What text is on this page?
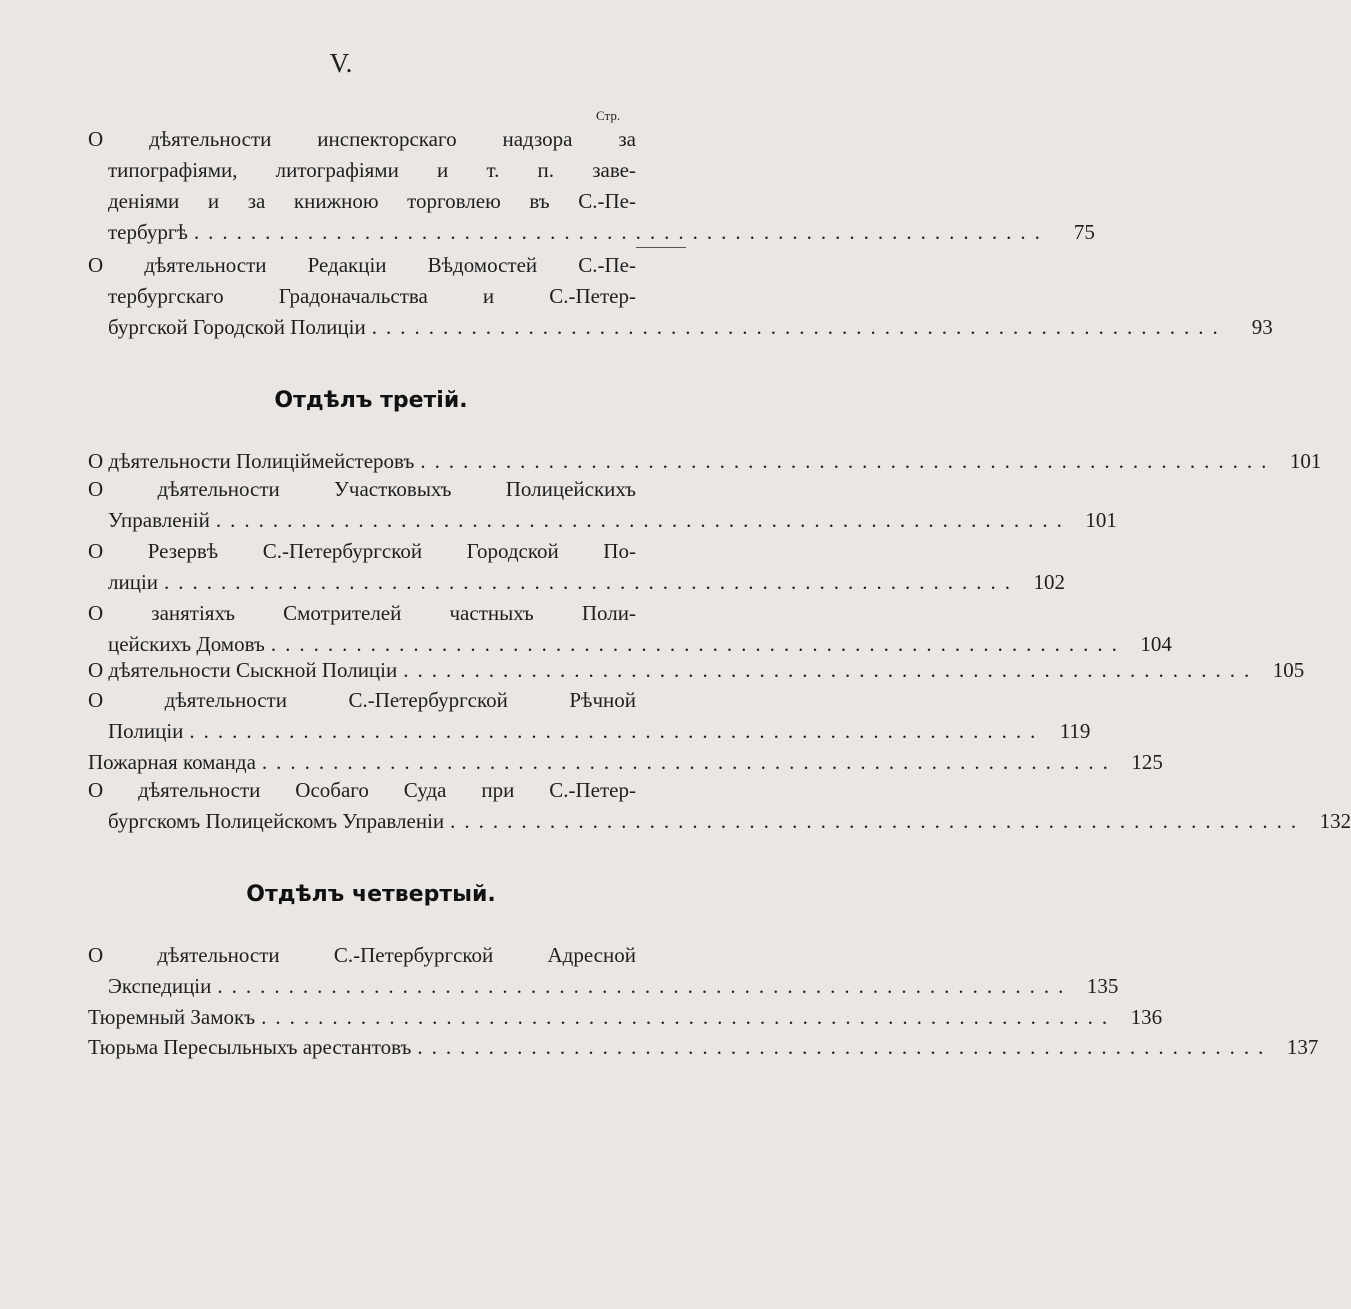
V.
Стр.
О дѣятельности инспекторскаго надзора за
типографіями, литографіями и т. п. заве-
деніями и за книжною торговлею въ С.-Пе-
тербургѣ ............................................................	75
О дѣятельности Редакціи Вѣдомостей С.-Пе-
тербургскаго	Градоначальства	и	С.-Петер-
бургской Городской Полиціи ............................................................	93
Отдѣлъ третій.
О дѣятельности Полиціймейстеровъ ............................................................ 101
О	дѣятельности	Участковыхъ	Полицейскихъ
Управленій ............................................................ 101
О Резервѣ С.-Петербургской Городской По-
лиціи ............................................................ 102
О занятіяхъ Смотрителей частныхъ Поли-
цейскихъ Домовъ ............................................................ 104
О дѣятельности Сыскной Полиціи ............................................................ 105
О	дѣятельности	С.-Петербургской	Рѣчной
Полиціи ............................................................ 119
Пожарная команда ............................................................ 125
О дѣятельности Особаго Суда при С.-Петер-
бургскомъ Полицейскомъ Управленіи ............................................................ 132
Отдѣлъ четвертый.
О	дѣятельности	С.-Петербургской	Адресной
Экспедиціи ............................................................ 135
Тюремный Замокъ ............................................................ 136
Тюрьма Пересыльныхъ арестантовъ ............................................................ 137
